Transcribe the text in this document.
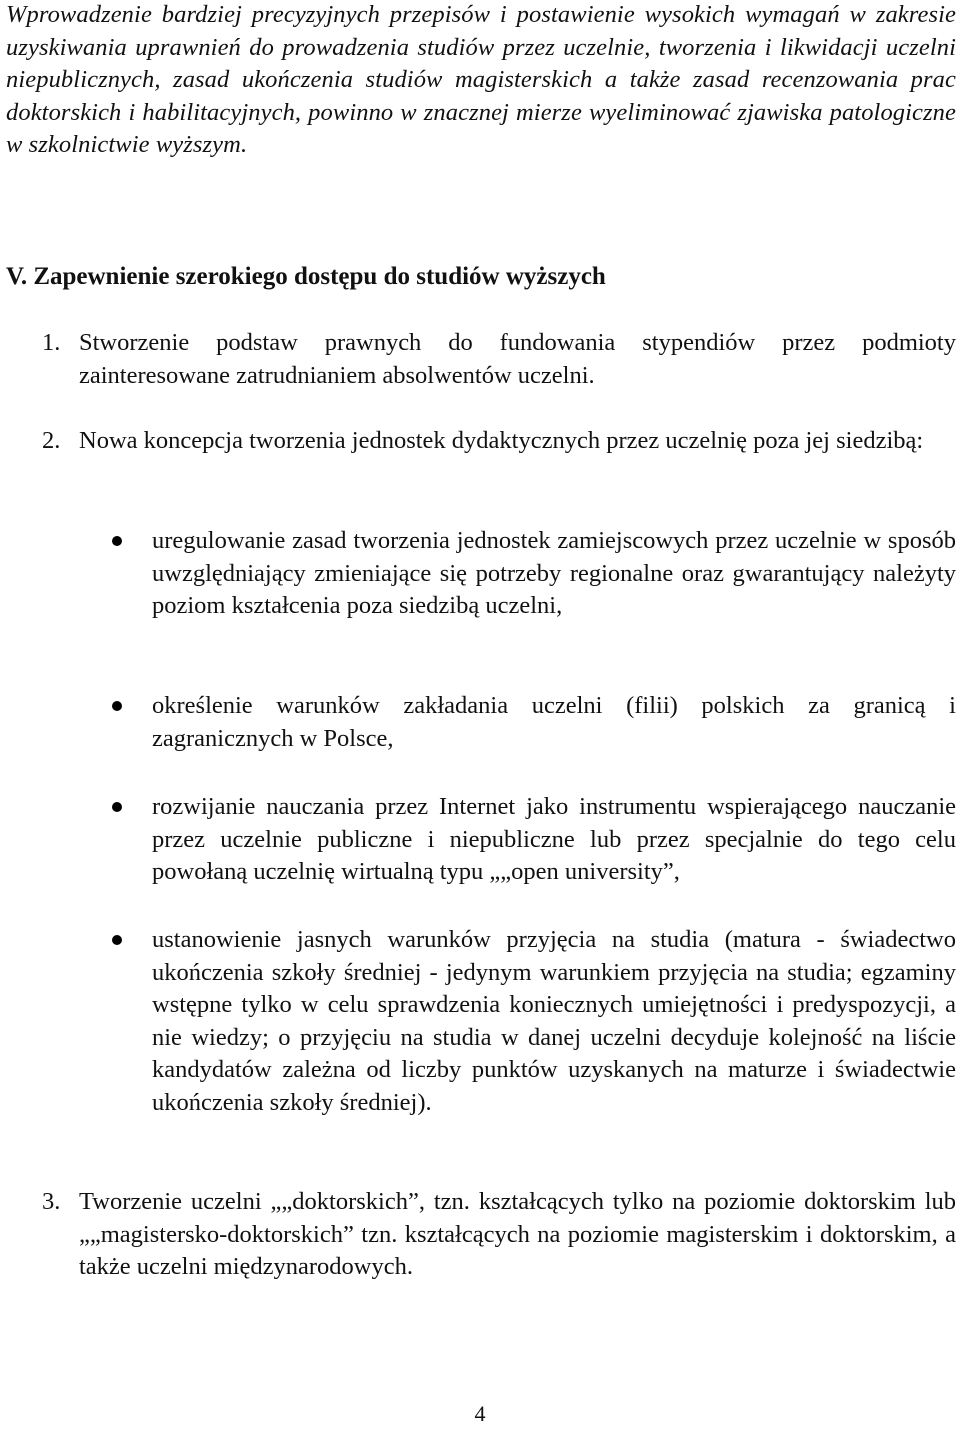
Wprowadzenie bardziej precyzyjnych przepisów i postawienie wysokich wymagań w zakresie uzyskiwania uprawnień do prowadzenia studiów przez uczelnie, tworzenia i likwidacji uczelni niepublicznych, zasad ukończenia studiów magisterskich a także zasad recenzowania prac doktorskich i habilitacyjnych, powinno w znacznej mierze wyeliminować zjawiska patologiczne w szkolnictwie wyższym.

V. Zapewnienie szerokiego dostępu do studiów wyższych
1. Stworzenie podstaw prawnych do fundowania stypendiów przez podmioty zainteresowane zatrudnianiem absolwentów uczelni.
2. Nowa koncepcja tworzenia jednostek dydaktycznych przez uczelnię poza jej siedzibą:
uregulowanie zasad tworzenia jednostek zamiejscowych przez uczelnie w sposób uwzględniający zmieniające się potrzeby regionalne oraz gwarantujący należyty poziom kształcenia poza siedzibą uczelni,
określenie warunków zakładania uczelni (filii) polskich za granicą i zagranicznych w Polsce,
rozwijanie nauczania przez Internet jako instrumentu wspierającego nauczanie przez uczelnie publiczne i niepubliczne lub przez specjalnie do tego celu powołaną uczelnię wirtualną typu „„open university”,
ustanowienie jasnych warunków przyjęcia na studia (matura - świadectwo ukończenia szkoły średniej - jedynym warunkiem przyjęcia na studia; egzaminy wstępne tylko w celu sprawdzenia koniecznych umiejętności i predyspozycji, a nie wiedzy; o przyjęciu na studia w danej uczelni decyduje kolejność na liście kandydatów zależna od liczby punktów uzyskanych na maturze i świadectwie ukończenia szkoły średniej).
3. Tworzenie uczelni „„doktorskich”, tzn. kształcących tylko na poziomie doktorskim lub „„magistersko-doktorskich” tzn. kształcących na poziomie magisterskim i doktorskim, a także uczelni międzynarodowych.
4
